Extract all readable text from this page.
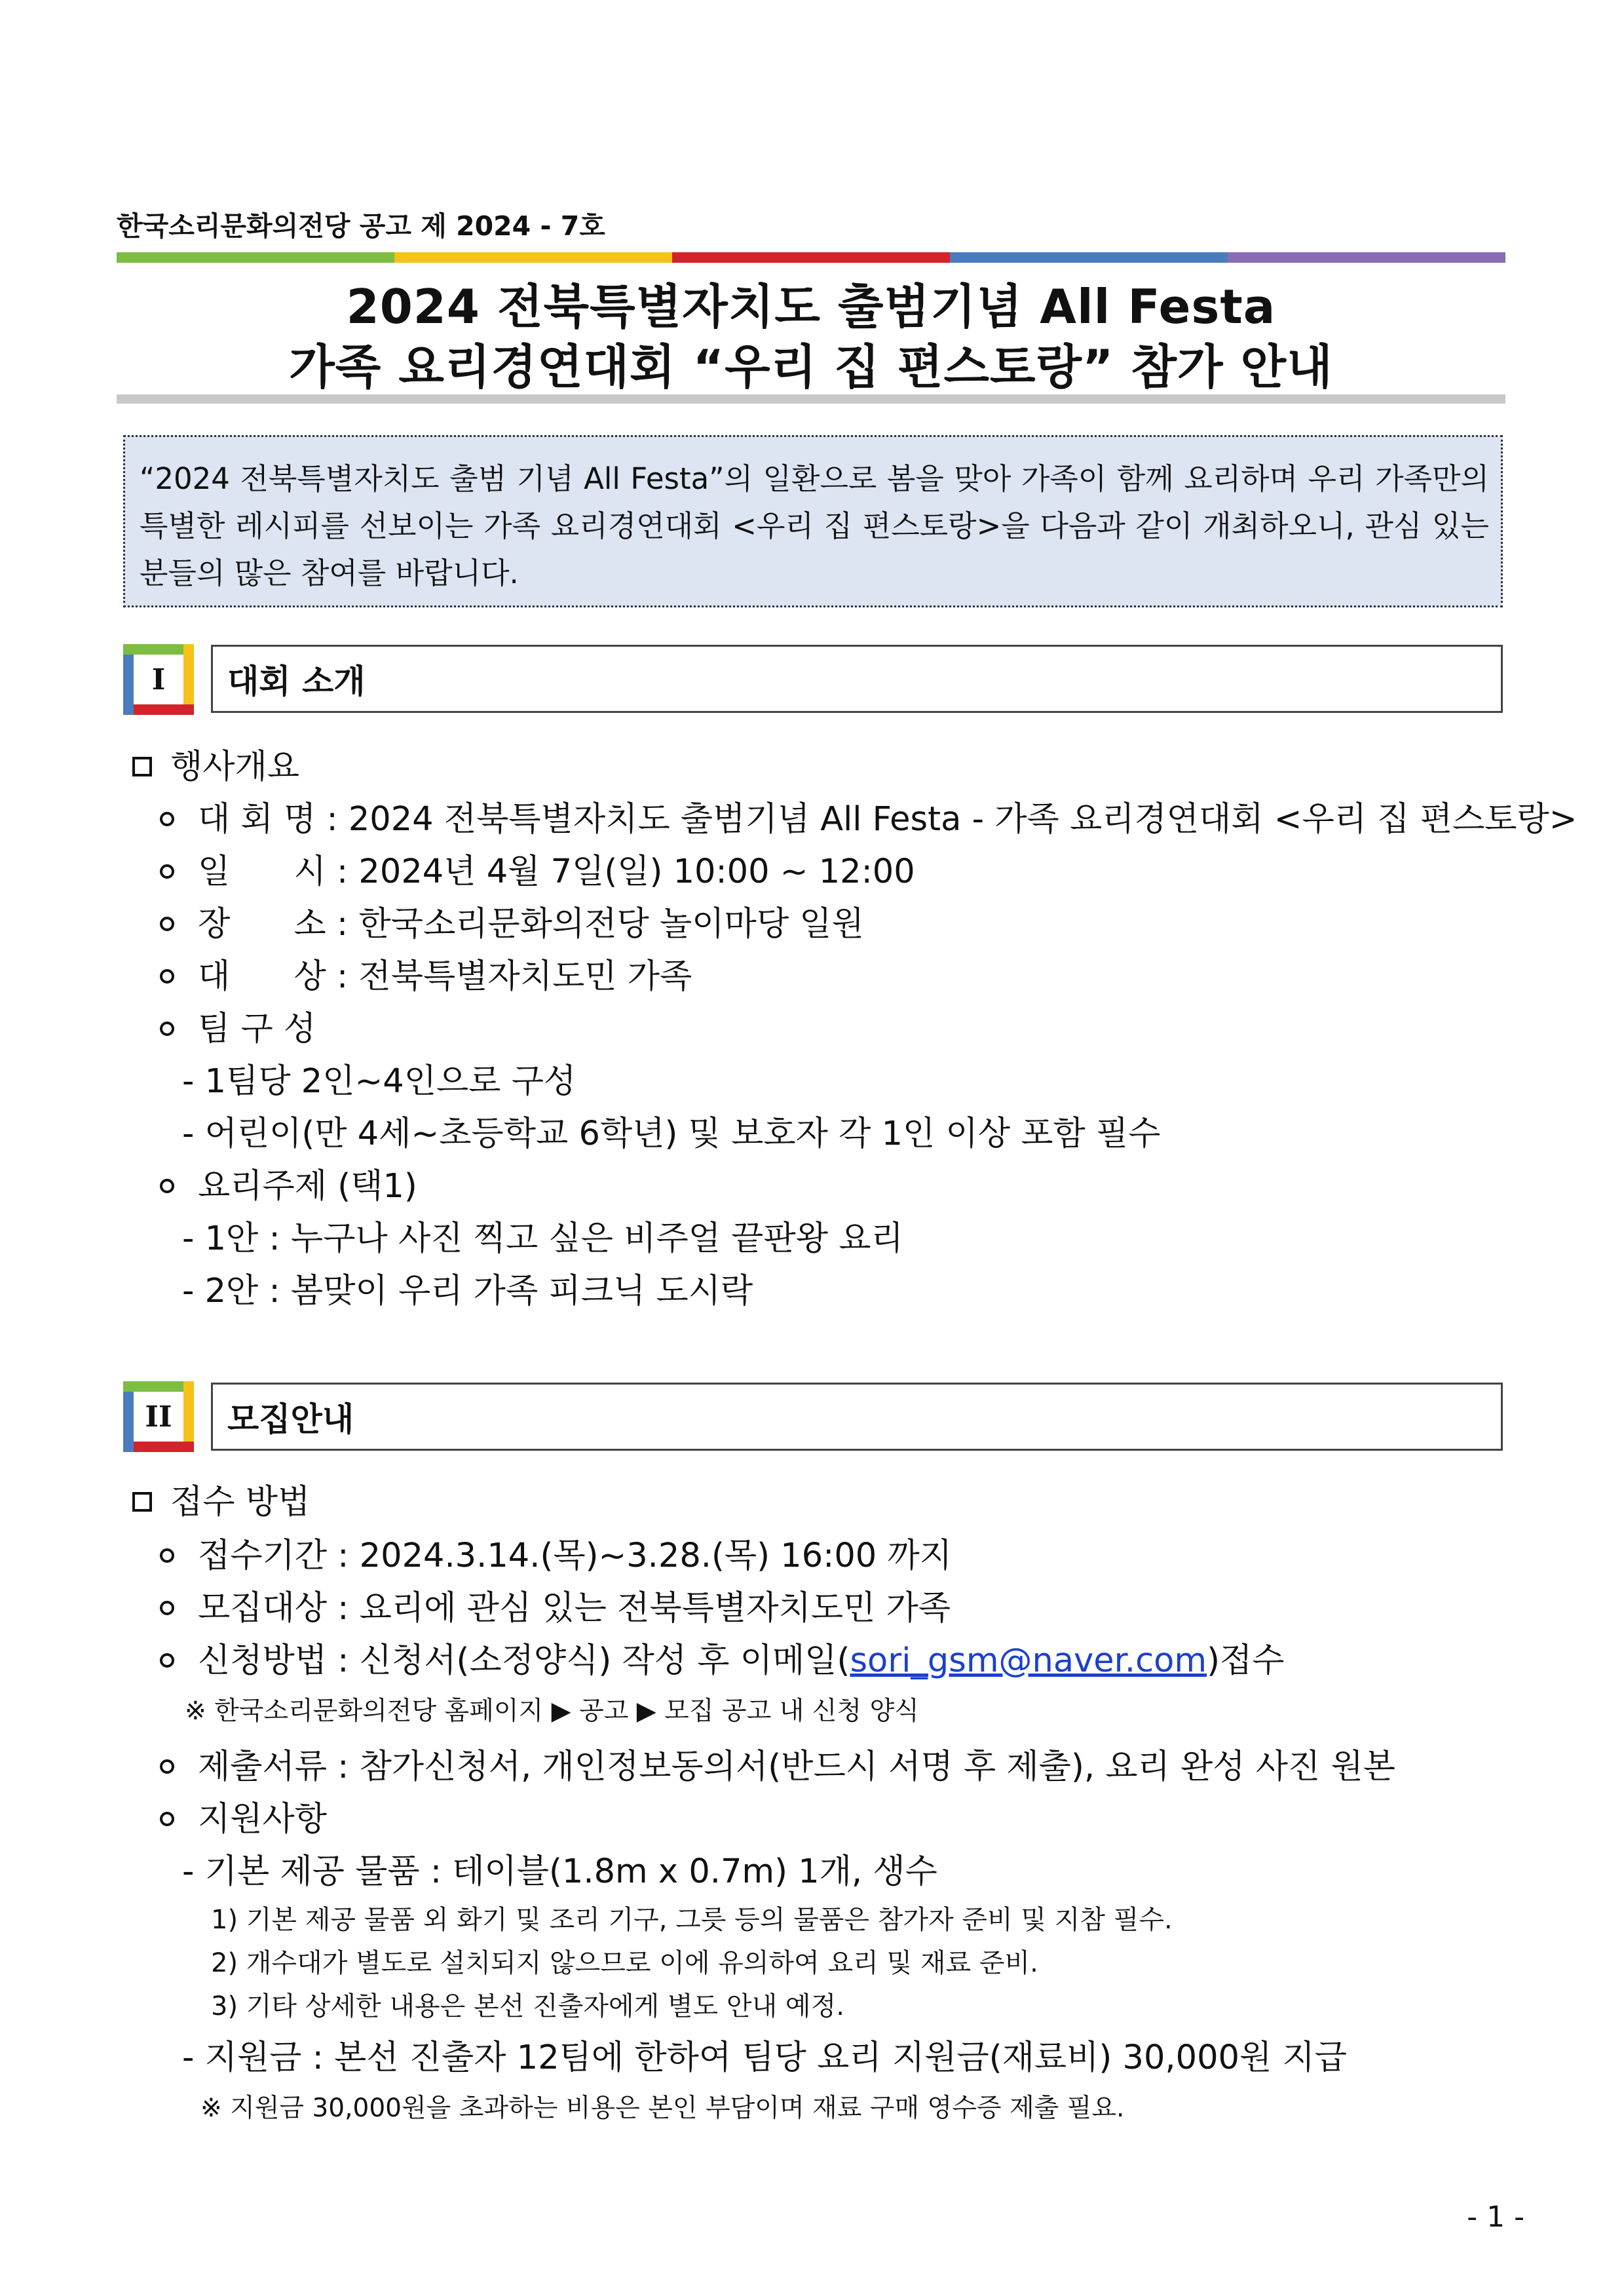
한국소리문화의전당 공고 제 2024 - 7호
2024 전북특별자치도 출범기념 All Festa
가족 요리경연대회 “우리 집 편스토랑” 참가 안내
“2024 전북특별자치도 출범 기념 All Festa”의 일환으로 봄을 맞아 가족이 함께 요리하며 우리 가족만의 특별한 레시피를 선보이는 가족 요리경연대회 <우리 집 편스토랑>을 다음과 같이 개최하오니, 관심 있는 분들의 많은 참여를 바랍니다.
I	대회 소개
행사개요
대 회 명 : 2024 전북특별자치도 출범기념 All Festa - 가족 요리경연대회 <우리 집 편스토랑>
일      시 : 2024년 4월 7일(일) 10:00 ~ 12:00
장      소 : 한국소리문화의전당 놀이마당 일원
대      상 : 전북특별자치도민 가족
팀 구 성
- 1팀당 2인~4인으로 구성
- 어린이(만 4세~초등학교 6학년) 및 보호자 각 1인 이상 포함 필수
요리주제 (택1)
- 1안 : 누구나 사진 찍고 싶은 비주얼 끝판왕 요리
- 2안 : 봄맞이 우리 가족 피크닉 도시락
II	모집안내
접수 방법
접수기간 : 2024.3.14.(목)~3.28.(목) 16:00 까지
모집대상 : 요리에 관심 있는 전북특별자치도민 가족
신청방법 : 신청서(소정양식) 작성 후 이메일(sori_gsm@naver.com)접수
※ 한국소리문화의전당 홈페이지 ▶ 공고 ▶ 모집 공고 내 신청 양식
제출서류 : 참가신청서, 개인정보동의서(반드시 서명 후 제출), 요리 완성 사진 원본
지원사항
- 기본 제공 물품 : 테이블(1.8m x 0.7m) 1개, 생수
1) 기본 제공 물품 외 화기 및 조리 기구, 그릇 등의 물품은 참가자 준비 및 지참 필수.
2) 개수대가 별도로 설치되지 않으므로 이에 유의하여 요리 및 재료 준비.
3) 기타 상세한 내용은 본선 진출자에게 별도 안내 예정.
- 지원금 : 본선 진출자 12팀에 한하여 팀당 요리 지원금(재료비) 30,000원 지급
※ 지원금 30,000원을 초과하는 비용은 본인 부담이며 재료 구매 영수증 제출 필요.
- 1 -
